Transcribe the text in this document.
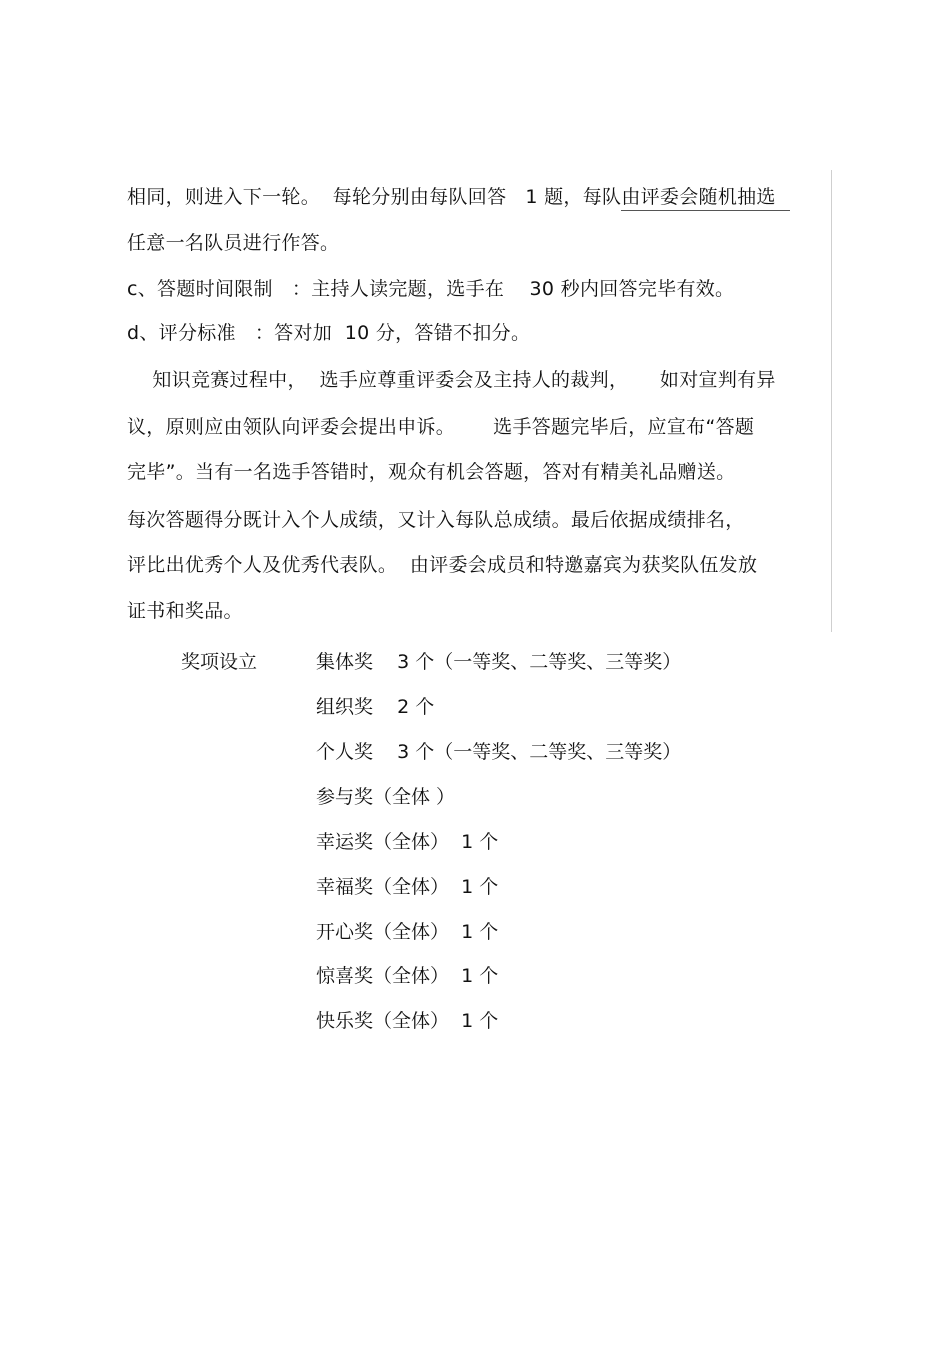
相同，则进入下一轮。  每轮分别由每队回答   1 题，每队由评委会随机抽选
任意一名队员进行作答。
c、答题时间限制   ：主持人读完题，选手在    30 秒内回答完毕有效。
d、评分标准   ：答对加  10 分，答错不扣分。
知识竞赛过程中，  选手应尊重评委会及主持人的裁判，     如对宣判有异
议，原则应由领队向评委会提出申诉。      选手答题完毕后，应宣布“答题
完毕”。当有一名选手答错时，观众有机会答题，答对有精美礼品赠送。
每次答题得分既计入个人成绩，又计入每队总成绩。最后依据成绩排名，
评比出优秀个人及优秀代表队。  由评委会成员和特邀嘉宾为获奖队伍发放
证书和奖品。
奖项设立	集体奖    3 个（一等奖、二等奖、三等奖）
组织奖    2 个
个人奖    3 个（一等奖、二等奖、三等奖）
参与奖（全体 ）
幸运奖（全体）  1 个
幸福奖（全体）  1 个
开心奖（全体）  1 个
惊喜奖（全体）  1 个
快乐奖（全体）  1 个
